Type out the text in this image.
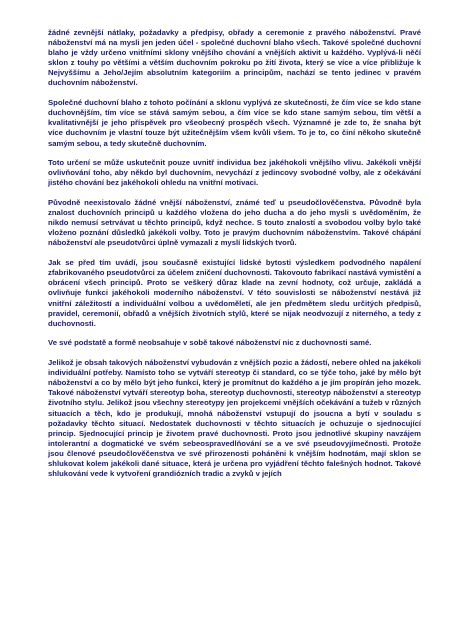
žádné zevnější nátlaky, požadavky a předpisy, obřady a ceremonie z pravého náboženství. Pravé náboženství má na mysli jen jeden účel - společné duchovní blaho všech. Takové společné duchovní blaho je vždy určeno vnitřními sklony vnějšího chování a vnějších aktivit u každého. Vyplývá-li něčí sklon z touhy po většími a větším duchovním pokroku po žití života, který se více a více přibližuje k Nejvyššímu a Jeho/Jejím absolutním kategoriím a principům, nachází se tento jedinec v pravém duchovním náboženství.

Společné duchovní blaho z tohoto počínání a sklonu vyplývá ze skutečnosti, že čím více se kdo stane duchovnějším, tím více se stává samým sebou, a čím více se kdo stane samým sebou, tím větší a kvalitativnější je jeho příspěvek pro všeobecný prospěch všech. Významné je zde to, že snaha být více duchovním je vlastní touze být užitečnějším všem kvůli všem. To je to, co činí někoho skutečně samým sebou, a tedy skutečně duchovním.

Toto určení se může uskutečnit pouze uvnitř individua bez jakéhokoli vnějšího vlivu. Jakékoli vnější ovlivňování toho, aby někdo byl duchovním, nevychází z jedincovy svobodné volby, ale z očekávání jistého chování bez jakéhokoli ohledu na vnitřní motivaci.

Původně neexistovalo žádné vnější náboženství, známé teď u pseudočlověčenstva. Původně byla znalost duchovních principů u každého vložena do jeho ducha a do jeho mysli s uvědoměním, že nikdo nemusí setrvávat u těchto principů, když nechce. S touto znalostí a svobodou volby bylo také vloženo poznání důsledků jakékoli volby. Toto je pravým duchovním náboženstvím. Takové chápání náboženství ale pseudotvůrci úplně vymazali z myslí lidských tvorů.

Jak se před tím uvádí, jsou současně existující lidské bytosti výsledkem podvodného napálení zfabrikovaného pseudotvůrci za účelem zničení duchovnosti. Takovouto fabrikací nastává vymistění a obrácení všech principů. Proto se veškerý důraz klade na zevní hodnoty, což určuje, zakládá a ovlivňuje funkci jakéhokoli moderního náboženství. V této souvislosti se náboženství nestává již vnitřní záležitostí a individuální volbou a uvědoměletí, ale jen předmětem sledu určitých předpisů, pravidel, ceremonií, obřadů a vnějších životních stylů, které se nijak neodvozují z niterného, a tedy z duchovnosti.

Ve své podstatě a formě neobsahuje v sobě takové náboženství nic z duchovnosti samé.

Jelikož je obsah takových náboženství vybudován z vnějších pozic a žádostí, nebere ohled na jakékoli individuální potřeby. Namísto toho se vytváří stereotyp či standard, co se týče toho, jaké by mělo být náboženství a co by mělo být jeho funkcí, který je promítnut do každého a je jím propírán jeho mozek. Takové náboženství vytváří stereotyp boha, stereotyp duchovnosti, stereotyp náboženství a stereotyp životního stylu. Jelikož jsou všechny stereotypy jen projekcemi vnějších očekávání a tužeb v různých situacích a těch, kdo je produkují, mnohá náboženství vstupují do jsoucna a bytí v souladu s požadavky těchto situací. Nedostatek duchovnosti v těchto situacích je ochuzuje o sjednocující princip. Sjednocující princip je životem pravé duchovnosti. Proto jsou jednotlivé skupiny navzájem intolerantní a dogmatické ve svém sebeospravedlňování se a ve své pseudovyjímečnosti. Protože jsou členové pseudočlověčenstva ve své přirozenosti poháněni k vnějším hodnotám, mají sklon se shlukovat kolem jakékoli dané situace, která je určena pro vyjádření těchto falešných hodnot. Takové shlukování vede k vytvoření grandiózních tradic a zvyků v jejích
